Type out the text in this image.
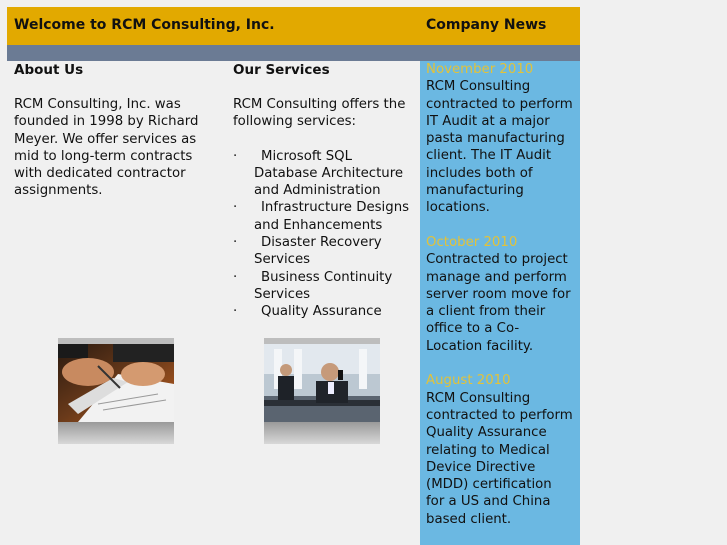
Welcome to RCM Consulting, Inc.	Company News
About Us

RCM Consulting, Inc. was founded in 1998 by Richard Meyer. We offer services as mid to long-term contracts with dedicated contractor assignments.

Our Services

RCM Consulting offers the following services:

·	Microsoft SQL Database Architecture and Administration
·	Infrastructure Designs and Enhancements
·	Disaster Recovery Services
·	Business Continuity Services
·	Quality Assurance
November 2010
RCM Consulting contracted to perform IT Audit at a major pasta manufacturing client. The IT Audit includes both of manufacturing locations.
October 2010
Contracted to project manage and perform server room move for a client from their office to a Co-Location facility.
August 2010
RCM Consulting contracted to perform Quality Assurance relating to Medical Device Directive (MDD) certification for a US and China based client.
